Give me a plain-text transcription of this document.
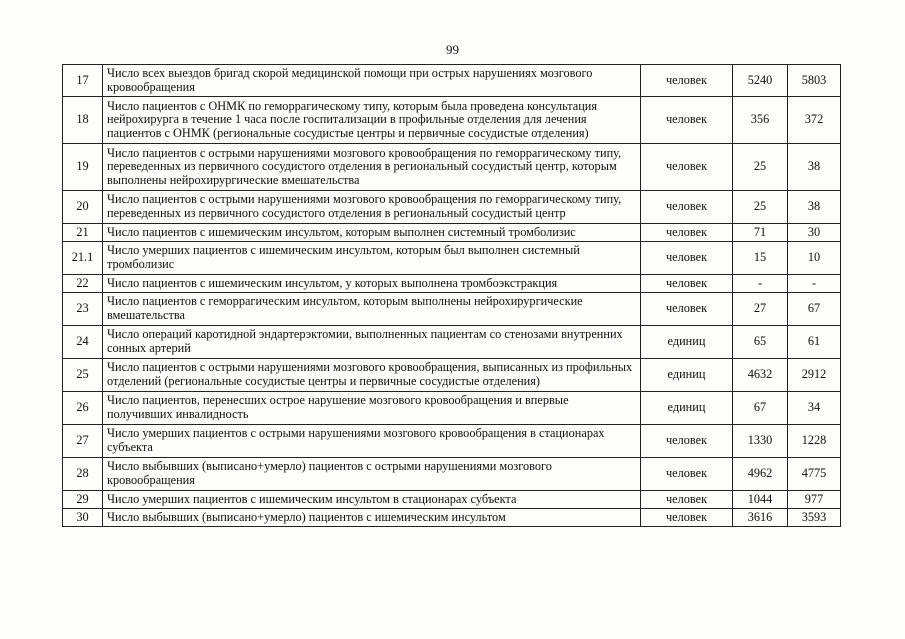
99
17	Число всех выездов бригад скорой медицинской помощи при острых нарушениях мозгового кровообращения	человек	5240	5803
18	Число пациентов с ОНМК по геморрагическому типу, которым была проведена консультация нейрохирурга в течение 1 часа после госпитализации в профильные отделения для лечения пациентов с ОНМК (региональные сосудистые центры и первичные сосудистые отделения)	человек	356	372
19	Число пациентов с острыми нарушениями мозгового кровообращения по геморрагическому типу, переведенных из первичного сосудистого отделения в региональный сосудистый центр, которым выполнены нейрохирургические вмешательства	человек	25	38
20	Число пациентов с острыми нарушениями мозгового кровообращения по геморрагическому типу, переведенных из первичного сосудистого отделения в региональный сосудистый центр	человек	25	38
21	Число пациентов с ишемическим инсультом, которым выполнен системный тромболизис	человек	71	30
21.1	Число умерших пациентов с ишемическим инсультом, которым был выполнен системный тромболизис	человек	15	10
22	Число пациентов с ишемическим инсультом, у которых выполнена тромбоэкстракция	человек	-	-
23	Число пациентов с геморрагическим инсультом, которым выполнены нейрохирургические вмешательства	человек	27	67
24	Число операций каротидной эндартерэктомии, выполненных пациентам со стенозами внутренних сонных артерий	единиц	65	61
25	Число пациентов с острыми нарушениями мозгового кровообращения, выписанных из профильных отделений (региональные сосудистые центры и первичные сосудистые отделения)	единиц	4632	2912
26	Число пациентов, перенесших острое нарушение мозгового кровообращения и впервые получивших инвалидность	единиц	67	34
27	Число умерших пациентов с острыми нарушениями мозгового кровообращения в стационарах субъекта	человек	1330	1228
28	Число выбывших (выписано+умерло) пациентов с острыми нарушениями мозгового кровообращения	человек	4962	4775
29	Число умерших пациентов с ишемическим инсультом в стационарах субъекта	человек	1044	977
30	Число выбывших (выписано+умерло) пациентов с ишемическим инсультом	человек	3616	3593
